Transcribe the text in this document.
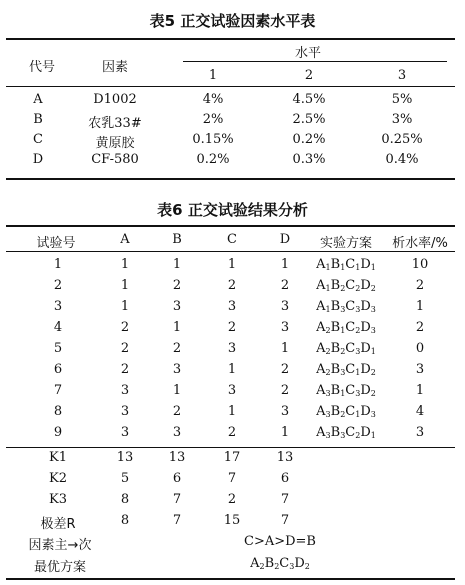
表5 正交试验因素水平表
代号	因素
水平
1	2	3
A	D1002	4%	4.5%	5%
B	农乳33#	2%	2.5%	3%
C	黄原胶	0.15%	0.2%	0.25%
D	CF-580	0.2%	0.3%	0.4%
表6 正交试验结果分析
试验号	A	B	C	D 实验方案 析水率/%
1	1	1	1	1 $A_1B_1C_1D_1$	10
2	1	2	2	2 $A_1B_2C_2D_2$	2
3	1	3	3	3 $A_1B_3C_3D_3$	1
4	2	1	2	3 $A_2B_1C_2D_3$	2
5	2	2	3	1 $A_2B_2C_3D_1$	0
6	2	3	1	2 $A_2B_3C_1D_2$	3
7	3	1	3	2 $A_3B_1C_3D_2$	1
8	3	2	1	3 $A_3B_2C_1D_3$	4
9	3	3	2	1 $A_3B_3C_2D_1$	3
K1	13	13	17	13
K2	5	6	7	6
K3	8	7	2	7
极差R	8	7	15	7
因素主→次	C>A>D=B
最优方案	$A_2B_2C_3D_2$
